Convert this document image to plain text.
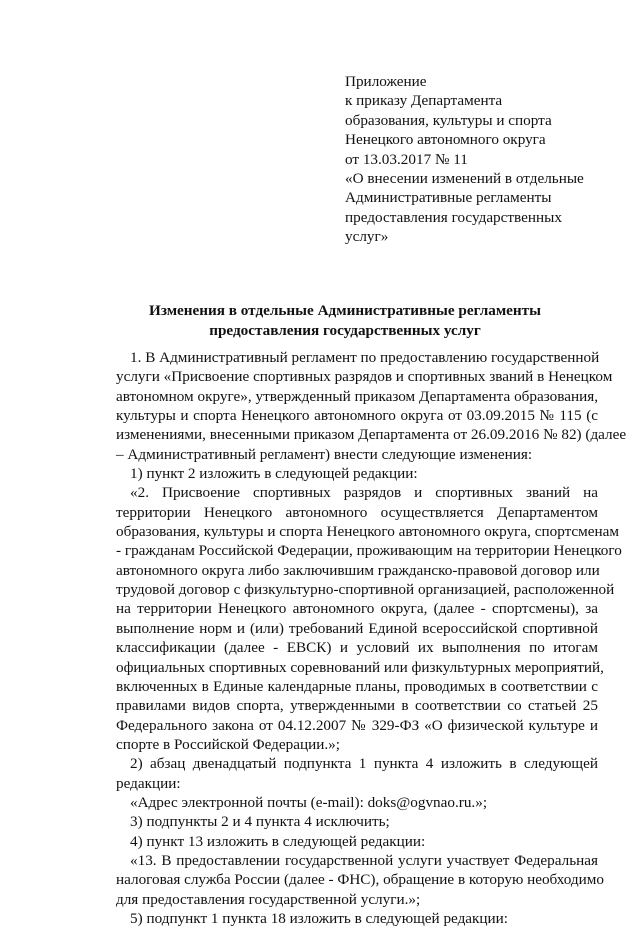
Приложение
к приказу Департамента
образования, культуры и спорта
Ненецкого автономного округа
от 13.03.2017 № 11
«О внесении изменений в отдельные
Административные регламенты
предоставления государственных
услуг»
Изменения в отдельные Административные регламенты
предоставления государственных услуг
1. В Административный регламент по предоставлению государственной
услуги «Присвоение спортивных разрядов и спортивных званий в Ненецком
автономном округе», утвержденный приказом Департамента образования,
культуры и спорта Ненецкого автономного округа от 03.09.2015 № 115 (с
изменениями, внесенными приказом Департамента от 26.09.2016 № 82) (далее
– Административный регламент) внести следующие изменения:
1) пункт 2 изложить в следующей редакции:
«2. Присвоение спортивных разрядов и спортивных званий на
территории Ненецкого автономного осуществляется Департаментом
образования, культуры и спорта Ненецкого автономного округа, спортсменам
- гражданам Российской Федерации, проживающим на территории Ненецкого
автономного округа либо заключившим гражданско-правовой договор или
трудовой договор с физкультурно-спортивной организацией, расположенной
на территории Ненецкого автономного округа, (далее - спортсмены), за
выполнение норм и (или) требований Единой всероссийской спортивной
классификации (далее - ЕВСК) и условий их выполнения по итогам
официальных спортивных соревнований или физкультурных мероприятий,
включенных в Единые календарные планы, проводимых в соответствии с
правилами видов спорта, утвержденными в соответствии со статьей 25
Федерального закона от 04.12.2007 № 329-ФЗ «О физической культуре и
спорте в Российской Федерации.»;
2) абзац двенадцатый подпункта 1 пункта 4 изложить в следующей
редакции:
«Адрес электронной почты (e-mail): doks@ogvnao.ru.»;
3) подпункты 2 и 4 пункта 4 исключить;
4) пункт 13 изложить в следующей редакции:
«13. В предоставлении государственной услуги участвует Федеральная
налоговая служба России (далее - ФНС), обращение в которую необходимо
для предоставления государственной услуги.»;
5) подпункт 1 пункта 18 изложить в следующей редакции:
